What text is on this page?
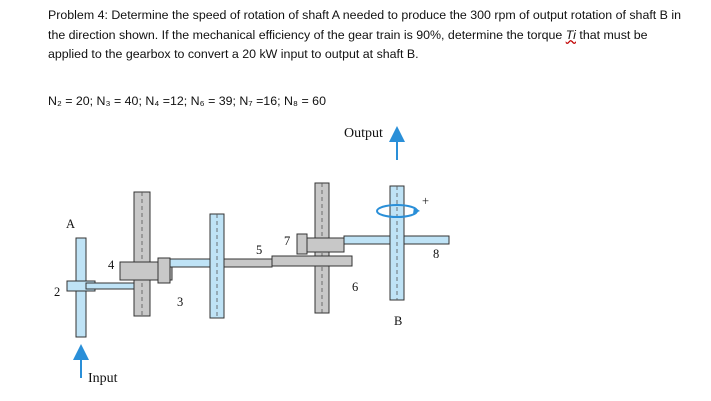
Problem 4: Determine the speed of rotation of shaft A needed to produce the 300 rpm of output rotation of shaft B in the direction shown. If the mechanical efficiency of the gear train is 90%, determine the torque Ti that must be applied to the gearbox to convert a 20 kW input to output at shaft B.

N₂ = 20; N₃ = 40; N₄ =12; N₆ = 39; N₇ =16; N₈ = 60

Output
Input
A
B
2
3
4
5
6
7
8
+
